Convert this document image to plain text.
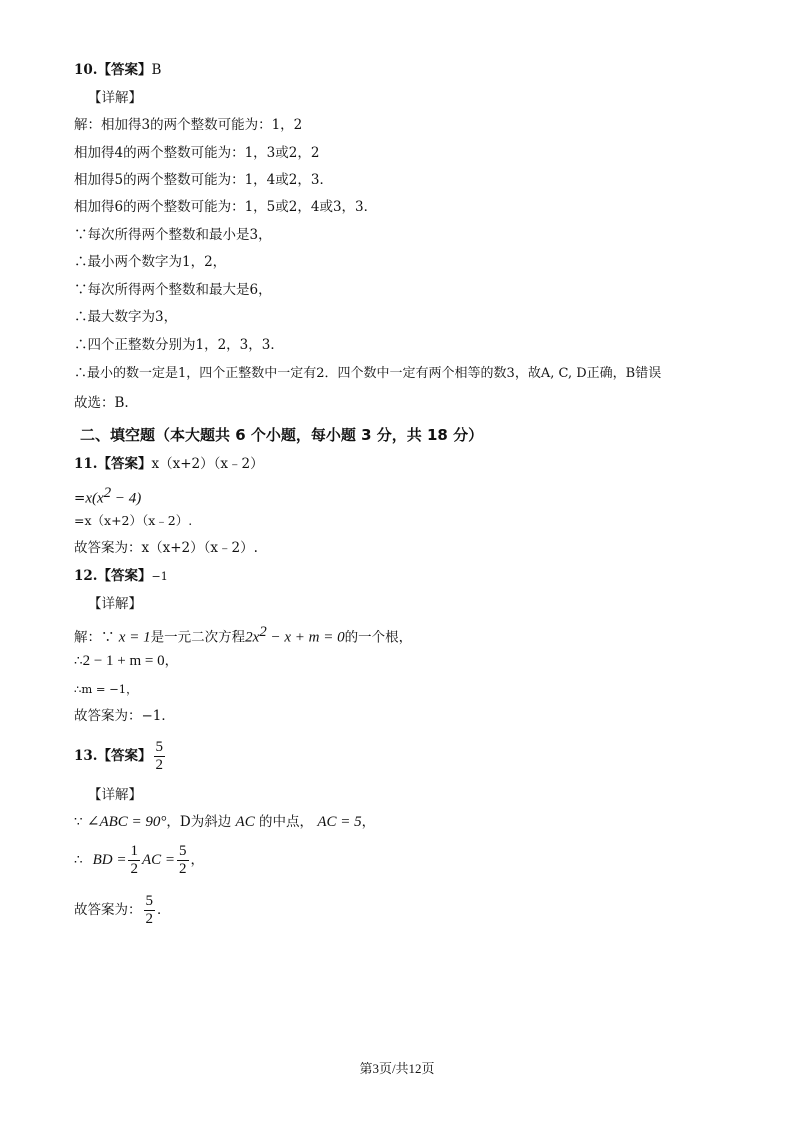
10.【答案】B
【详解】
解：相加得3的两个整数可能为：1，2
相加得4的两个整数可能为：1，3或2，2
相加得5的两个整数可能为：1，4或2，3．
相加得6的两个整数可能为：1，5或2，4或3，3．
∵每次所得两个整数和最小是3，
∴最小两个数字为1，2，
∵每次所得两个整数和最大是6，
∴最大数字为3，
∴四个正整数分别为1，2，3，3．
∴最小的数一定是1，四个正整数中一定有2．四个数中一定有两个相等的数3，故A, C, D正确，B错误
故选：B.
二、填空题（本大题共 6 个小题，每小题 3 分，共 18 分）
11.【答案】x（x+2）（x﹣2）
$=x(x^2 - 4)$
=x（x+2）（x﹣2）.
故答案为：x（x+2）（x﹣2）.
12.【答案】−1
【详解】
解：∵ x = 1是一元二次方程$2x^2 - x + m = 0$的一个根，
∴2 − 1 + m = 0，
∴m = −1，
故答案为：−1．
13.【答案】 $\frac{5}{2}$
【详解】
∵ ∠ABC = 90°，D为斜边 AC 的中点， AC = 5，
∴ BD = $\frac{1}{2}$ AC = $\frac{5}{2}$ ，
故答案为： $\frac{5}{2}$ ．
第3页/共12页
